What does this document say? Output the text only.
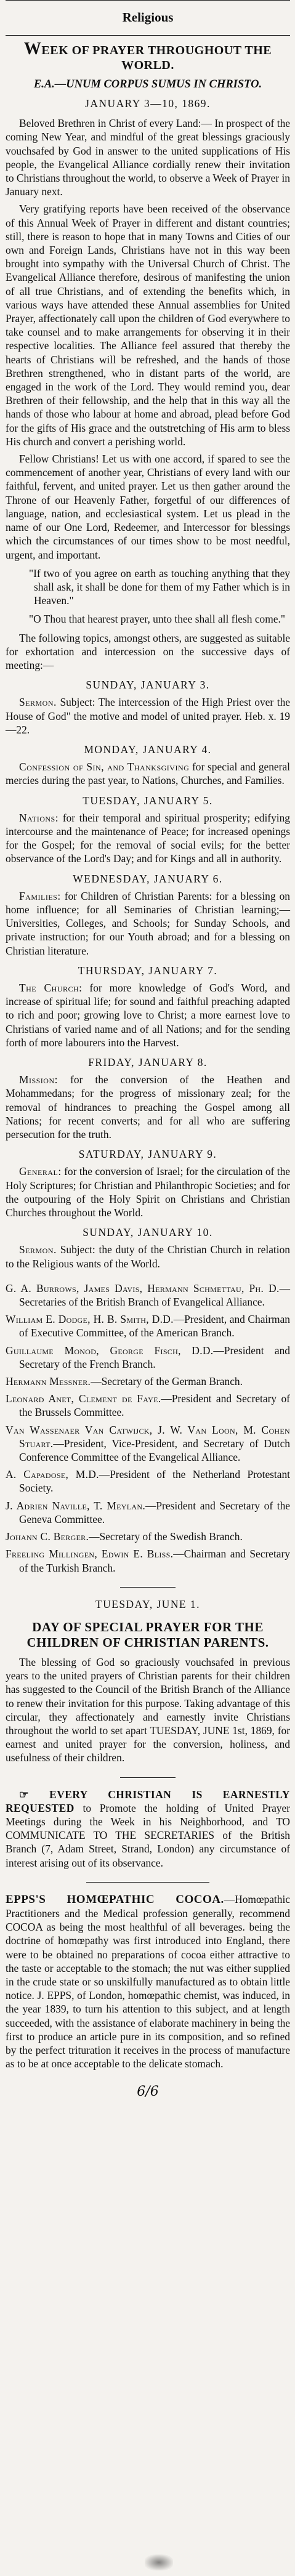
Religious
WEEK OF PRAYER THROUGHOUT THE WORLD.
E.A.—UNUM CORPUS SUMUS IN CHRISTO.
JANUARY 3—10, 1869.

Beloved Brethren in Christ of every Land:— In prospect of the coming New Year, and mindful of the great blessings graciously vouchsafed by God in answer to the united supplications of His people, the Evangelical Alliance cordially renew their invitation to Christians throughout the world, to observe a Week of Prayer in January next.

Very gratifying reports have been received of the observance of this Annual Week of Prayer in different and distant countries; still, there is reason to hope that in many Towns and Cities of our own and Foreign Lands, Christians have not in this way been brought into sympathy with the Universal Church of Christ. The Evangelical Alliance therefore, desirous of manifesting the union of all true Christians, and of extending the benefits which, in various ways have attended these Annual assemblies for United Prayer, affectionately call upon the children of God everywhere to take counsel and to make arrangements for observing it in their respective localities. The Alliance feel assured that thereby the hearts of Christians will be refreshed, and the hands of those Brethren strengthened, who in distant parts of the world, are engaged in the work of the Lord. They would remind you, dear Brethren of their fellowship, and the help that in this way all the hands of those who labour at home and abroad, plead before God for the gifts of His grace and the outstretching of His arm to bless His church and convert a perishing world.

Fellow Christians! Let us with one accord, if spared to see the commencement of another year, Christians of every land with our faithful, fervent, and united prayer. Let us then gather around the Throne of our Heavenly Father, forgetful of our differences of language, nation, and ecclesiastical system. Let us plead in the name of our One Lord, Redeemer, and Intercessor for blessings which the circumstances of our times show to be most needful, urgent, and important.

"If two of you agree on earth as touching anything that they shall ask, it shall be done for them of my Father which is in Heaven."
"O Thou that hearest prayer, unto thee shall all flesh come."

The following topics, amongst others, are suggested as suitable for exhortation and intercession on the successive days of meeting:—

SUNDAY, JANUARY 3.
Sermon. Subject: The intercession of the High Priest over the House of God" the motive and model of united prayer. Heb. x. 19—22.
MONDAY, JANUARY 4.
Confession of Sin, and Thanksgiving for special and general mercies during the past year, to Nations, Churches, and Families.
TUESDAY, JANUARY 5.
Nations: for their temporal and spiritual prosperity; edifying intercourse and the maintenance of Peace; for increased openings for the Gospel; for the removal of social evils; for the better observance of the Lord's Day; and for Kings and all in authority.
WEDNESDAY, JANUARY 6.
Families: for Children of Christian Parents: for a blessing on home influence; for all Seminaries of Christian learning;—Universities, Colleges, and Schools; for Sunday Schools, and private instruction; for our Youth abroad; and for a blessing on Christian literature.
THURSDAY, JANUARY 7.
The Church: for more knowledge of God's Word, and increase of spiritual life; for sound and faithful preaching adapted to rich and poor; growing love to Christ; a more earnest love to Christians of varied name and of all Nations; and for the sending forth of more labourers into the Harvest.
FRIDAY, JANUARY 8.
Mission: for the conversion of the Heathen and Mohammedans; for the progress of missionary zeal; for the removal of hindrances to preaching the Gospel among all Nations; for recent converts; and for all who are suffering persecution for the truth.
SATURDAY, JANUARY 9.
General: for the conversion of Israel; for the circulation of the Holy Scriptures; for Christian and Philanthropic Societies; and for the outpouring of the Holy Spirit on Christians and Christian Churches throughout the World.
SUNDAY, JANUARY 10.
Sermon. Subject: the duty of the Christian Church in relation to the Religious wants of the World.
G. A. Burrows, James Davis, Hermann Schmettau, Ph. D.—Secretaries of the British Branch of Evangelical Alliance.
William E. Dodge, H. B. Smith, D.D.—President, and Chairman of Executive Committee, of the American Branch.
Guillaume Monod, George Fisch, D.D.—President and Secretary of the French Branch.
Hermann Messner.—Secretary of the German Branch.
Leonard Anet, Clement de Faye.—President and Secretary of the Brussels Committee.
Van Wassenaer Van Catwijck, J. W. Van Loon, M. Cohen Stuart.—President, Vice-President, and Secretary of Dutch Conference Committee of the Evangelical Alliance.
A. Capadose, M.D.—President of the Netherland Protestant Society.
J. Adrien Naville, T. Meylan.—President and Secretary of the Geneva Committee.
Johann C. Berger.—Secretary of the Swedish Branch.
Freeling Millingen, Edwin E. Bliss.—Chairman and Secretary of the Turkish Branch.
TUESDAY, JUNE 1.
DAY OF SPECIAL PRAYER FOR THE CHILDREN OF CHRISTIAN PARENTS.

The blessing of God so graciously vouchsafed in previous years to the united prayers of Christian parents for their children has suggested to the Council of the British Branch of the Alliance to renew their invitation for this purpose. Taking advantage of this circular, they affectionately and earnestly invite Christians throughout the world to set apart TUESDAY, JUNE 1st, 1869, for earnest and united prayer for the conversion, holiness, and usefulness of their children.

☞ EVERY CHRISTIAN IS EARNESTLY REQUESTED to Promote the holding of United Prayer Meetings during the Week in his Neighborhood, and TO COMMUNICATE TO THE SECRETARIES of the British Branch (7, Adam Street, Strand, London) any circumstance of interest arising out of its observance.
EPPS'S HOMŒPATHIC COCOA.—Homœpathic Practitioners and the Medical profession generally, recommend COCOA as being the most healthful of all beverages. being the doctrine of homœpathy was first introduced into England, there were to be obtained no preparations of cocoa either attractive to the taste or acceptable to the stomach; the nut was either supplied in the crude state or so unskilfully manufactured as to obtain little notice. J. EPPS, of London, homœpathic chemist, was induced, in the year 1839, to turn his attention to this subject, and at length succeeded, with the assistance of elaborate machinery in being the first to produce an article pure in its composition, and so refined by the perfect trituration it receives in the process of manufacture as to be at once acceptable to the delicate stomach.
6/6
